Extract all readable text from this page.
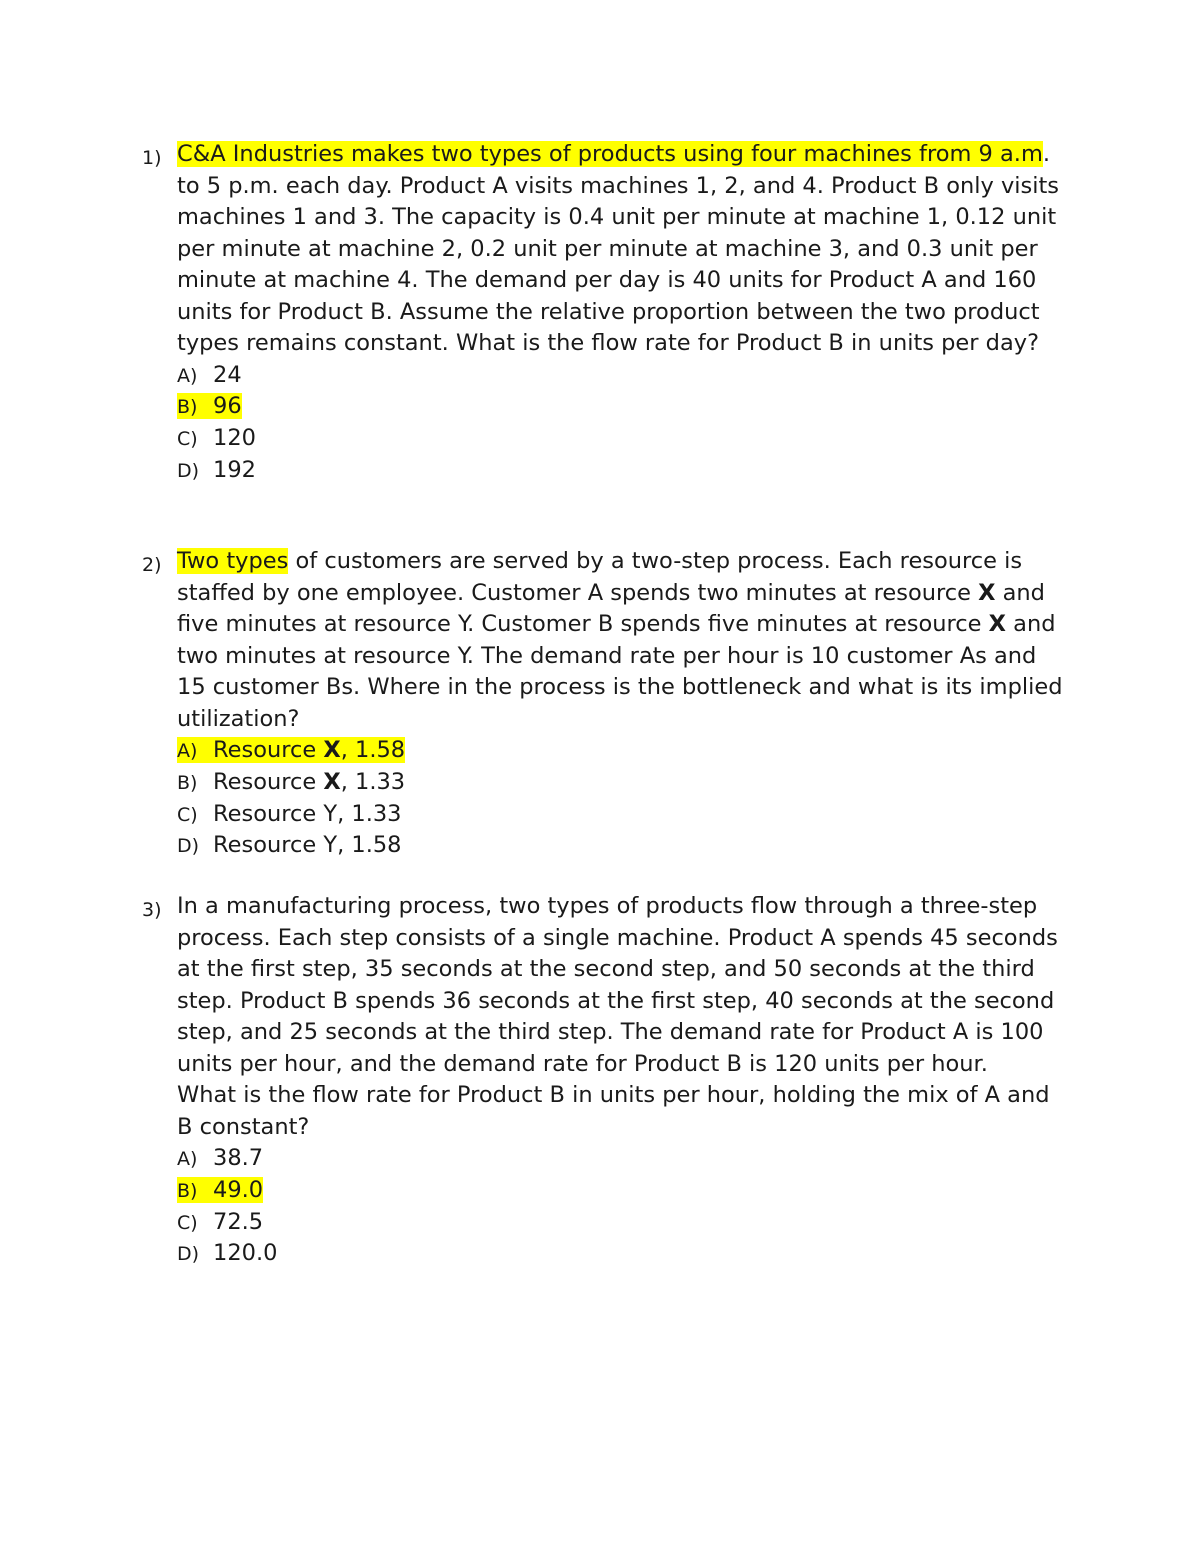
1) C&A Industries makes two types of products using four machines from 9 a.m. to 5 p.m. each day. Product A visits machines 1, 2, and 4. Product B only visits machines 1 and 3. The capacity is 0.4 unit per minute at machine 1, 0.12 unit per minute at machine 2, 0.2 unit per minute at machine 3, and 0.3 unit per minute at machine 4. The demand per day is 40 units for Product A and 160 units for Product B. Assume the relative proportion between the two product types remains constant. What is the flow rate for Product B in units per day?

A) 24
B) 96
C) 120
D) 192
2) Two types of customers are served by a two-step process. Each resource is staffed by one employee. Customer A spends two minutes at resource X and five minutes at resource Y. Customer B spends five minutes at resource X and two minutes at resource Y. The demand rate per hour is 10 customer As and 15 customer Bs. Where in the process is the bottleneck and what is its implied utilization?

A) Resource X, 1.58
B) Resource X, 1.33
C) Resource Y, 1.33
D) Resource Y, 1.58
3) In a manufacturing process, two types of products flow through a three-step process. Each step consists of a single machine. Product A spends 45 seconds at the first step, 35 seconds at the second step, and 50 seconds at the third step. Product B spends 36 seconds at the first step, 40 seconds at the second step, and 25 seconds at the third step. The demand rate for Product A is 100 units per hour, and the demand rate for Product B is 120 units per hour.

What is the flow rate for Product B in units per hour, holding the mix of A and B constant?

A) 38.7
B) 49.0
C) 72.5
D) 120.0
